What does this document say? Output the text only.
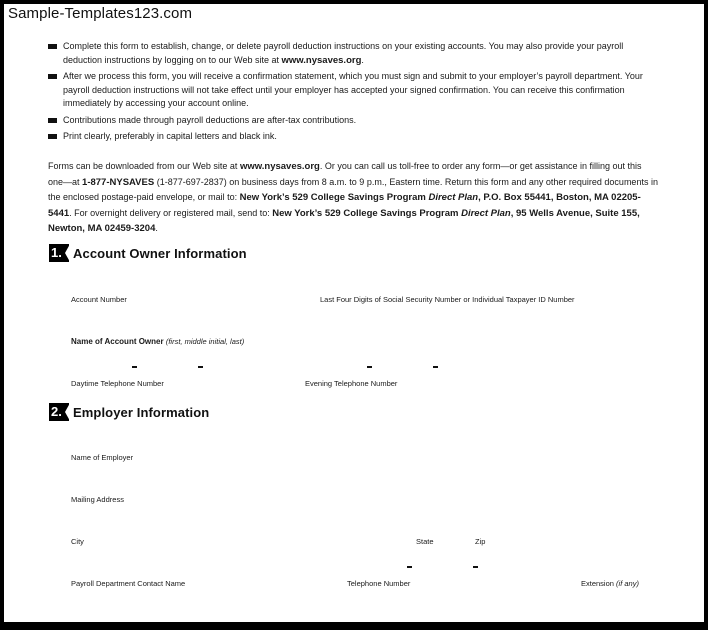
Sample-Templates123.com
Complete this form to establish, change, or delete payroll deduction instructions on your existing accounts. You may also provide your payroll deduction instructions by logging on to our Web site at www.nysaves.org.
After we process this form, you will receive a confirmation statement, which you must sign and submit to your employer’s payroll department. Your payroll deduction instructions will not take effect until your employer has accepted your signed confirmation. You can receive this confirmation immediately by accessing your account online.
Contributions made through payroll deductions are after-tax contributions.
Print clearly, preferably in capital letters and black ink.
Forms can be downloaded from our Web site at www.nysaves.org. Or you can call us toll-free to order any form—or get assistance in filling out this one—at 1-877-NYSAVES (1-877-697-2837) on business days from 8 a.m. to 9 p.m., Eastern time. Return this form and any other required documents in the enclosed postage-paid envelope, or mail to: New York’s 529 College Savings Program Direct Plan, P.O. Box 55441, Boston, MA 02205-5441. For overnight delivery or registered mail, send to: New York’s 529 College Savings Program Direct Plan, 95 Wells Avenue, Suite 155, Newton, MA 02459-3204.
1. Account Owner Information
Account Number	Last Four Digits of Social Security Number or Individual Taxpayer ID Number
Name of Account Owner (first, middle initial, last)
Daytime Telephone Number	Evening Telephone Number
2. Employer Information
Name of Employer
Mailing Address
City	State	Zip
Payroll Department Contact Name	Telephone Number	Extension (if any)
